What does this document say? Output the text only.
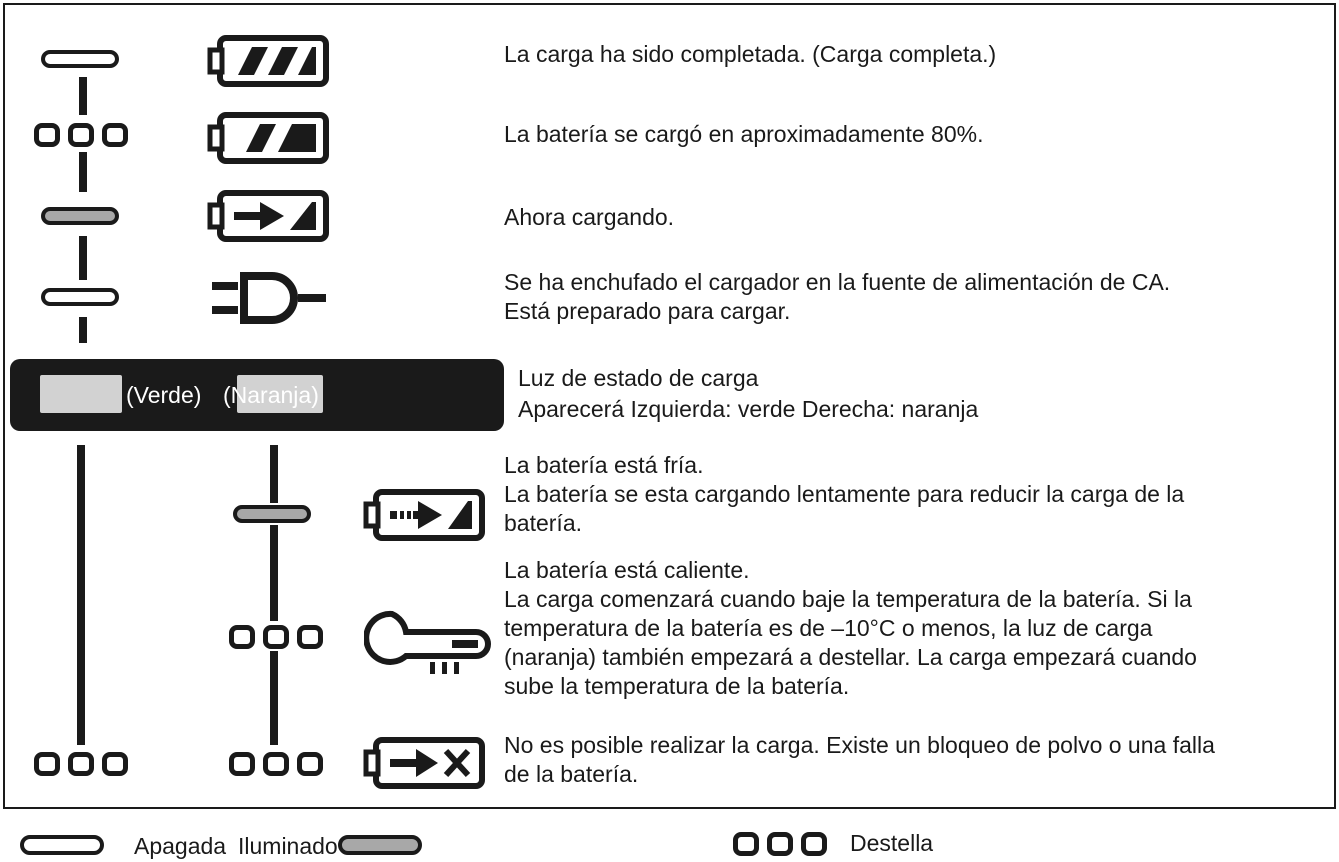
La carga ha sido completada. (Carga completa.)
La batería se cargó en aproximadamente 80%.
Ahora cargando.
Se ha enchufado el cargador en la fuente de alimentación de CA.
Está preparado para cargar.
(Verde) (Naranja)
Luz de estado de carga
Aparecerá Izquierda: verde Derecha: naranja
La batería está fría.
La batería se esta cargando lentamente para reducir la carga de la
batería.
La batería está caliente.
La carga comenzará cuando baje la temperatura de la batería. Si la
temperatura de la batería es de –10°C o menos, la luz de carga
(naranja) también empezará a destellar. La carga empezará cuando
sube la temperatura de la batería.
No es posible realizar la carga. Existe un bloqueo de polvo o una falla
de la batería.
Apagada Iluminado	Destella
